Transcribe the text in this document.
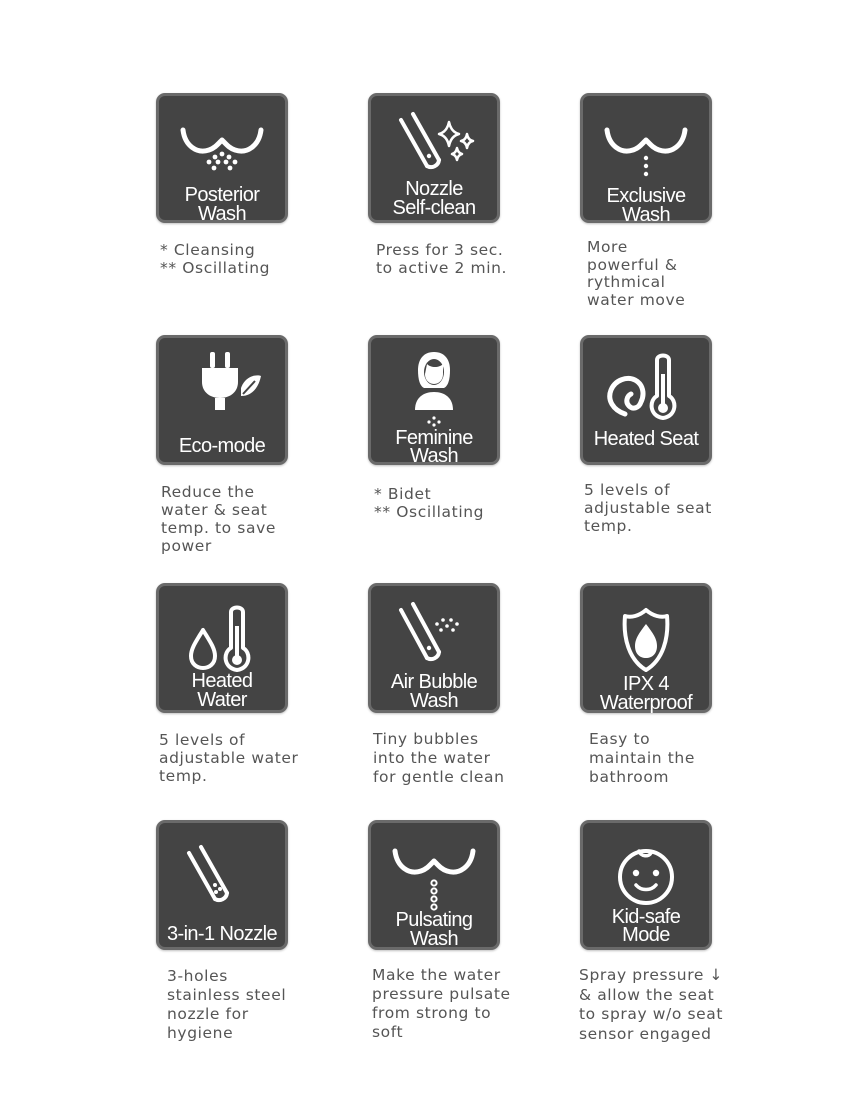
Posterior
Wash
* Cleansing
** Oscillating
Nozzle
Self-clean
Press for 3 sec.
to active 2 min.
Exclusive
Wash
More
powerful &
rythmical
water move
Eco-mode
Reduce the
water & seat
temp. to save
power
Feminine
Wash
* Bidet
** Oscillating
Heated Seat
5 levels of
adjustable seat
temp.
Heated
Water
5 levels of
adjustable water
temp.
Air Bubble
Wash
Tiny bubbles
into the water
for gentle clean
IPX 4
Waterproof
Easy to
maintain the
bathroom
3-in-1 Nozzle
3-holes
stainless steel
nozzle for
hygiene
Pulsating
Wash
Make the water
pressure pulsate
from strong to
soft
Kid-safe
Mode
Spray pressure ↓
& allow the seat
to spray w/o seat
sensor engaged
